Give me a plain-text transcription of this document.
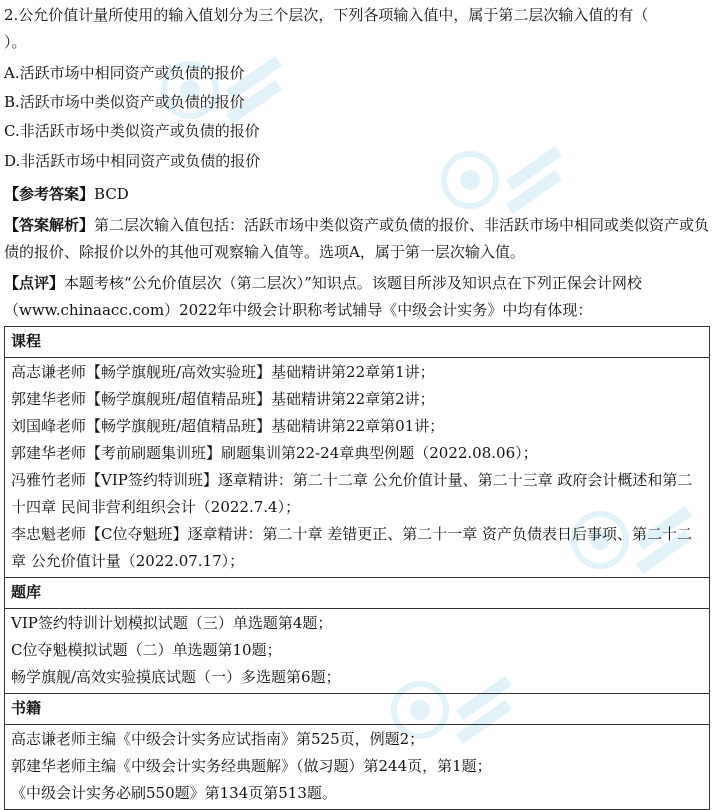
2.公允价值计量所使用的输入值划分为三个层次，下列各项输入值中，属于第二层次输入值的有（
）。
A.活跃市场中相同资产或负债的报价
B.活跃市场中类似资产或负债的报价
C.非活跃市场中类似资产或负债的报价
D.非活跃市场中相同资产或负债的报价
【参考答案】BCD
【答案解析】第二层次输入值包括：活跃市场中类似资产或负债的报价、非活跃市场中相同或类似资产或负债的报价、除报价以外的其他可观察输入值等。选项A，属于第一层次输入值。
【点评】本题考核“公允价值层次（第二层次）”知识点。该题目所涉及知识点在下列正保会计网校（www.chinaacc.com）2022年中级会计职称考试辅导《中级会计实务》中均有体现：
课程

高志谦老师【畅学旗舰班/高效实验班】基础精讲第22章第1讲；
郭建华老师【畅学旗舰班/超值精品班】基础精讲第22章第2讲；
刘国峰老师【畅学旗舰班/超值精品班】基础精讲第22章第01讲；
郭建华老师【考前刷题集训班】刷题集训第22-24章典型例题（2022.08.06）；
冯雅竹老师【VIP签约特训班】逐章精讲：第二十二章 公允价值计量、第二十三章 政府会计概述和第二十四章 民间非营利组织会计（2022.7.4）；
李忠魁老师【C位夺魁班】逐章精讲：第二十章 差错更正、第二十一章 资产负债表日后事项、第二十二章 公允价值计量（2022.07.17）；

题库

VIP签约特训计划模拟试题（三）单选题第4题；
C位夺魁模拟试题（二）单选题第10题；
畅学旗舰/高效实验摸底试题（一）多选题第6题；

书籍

高志谦老师主编《中级会计实务应试指南》第525页，例题2；
郭建华老师主编《中级会计实务经典题解》（做习题）第244页，第1题；
《中级会计实务必刷550题》第134页第513题。
